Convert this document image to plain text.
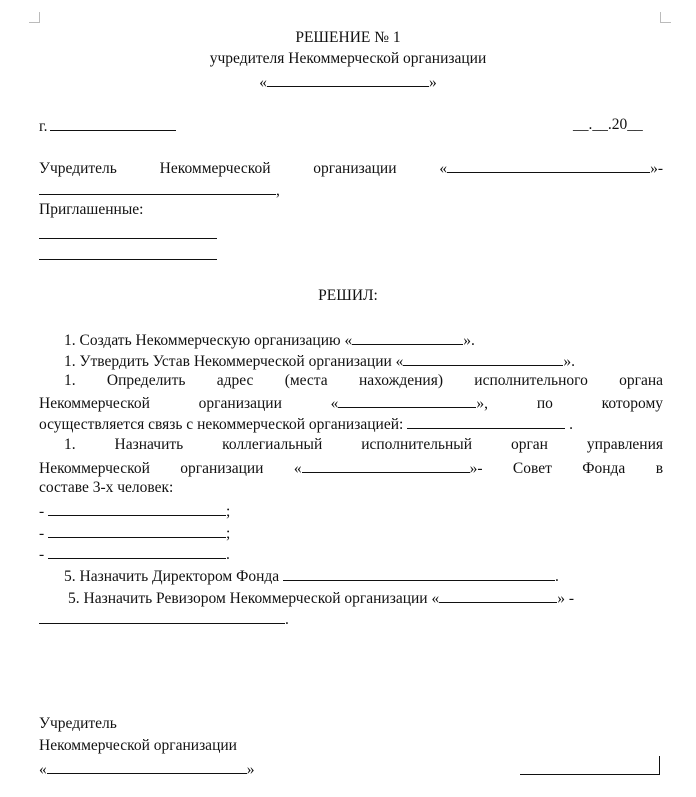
РЕШЕНИЕ № 1
учредителя Некоммерческой организации
«	»
г.	__.__.20__
Учредитель Некоммерческой организации «	»-
,
Приглашенные:
РЕШИЛ:
1. Создать Некоммерческую организацию «	».
1. Утвердить Устав Некоммерческой организации «	».
1. Определить адрес (места нахождения) исполнительного органа
Некоммерческой	организации	«	»,	по	которому
осуществляется связь с некоммерческой организацией:	.
1. Назначить	коллегиальный	исполнительный	орган	управления
Некоммерческой организации «	»- Совет Фонда в
составе 3-х человек:
-	;
-	;
-	.
5. Назначить Директором Фонда	.
5. Назначить Ревизором Некоммерческой организации «	» -
.
Учредитель
Некоммерческой организации
«	»
